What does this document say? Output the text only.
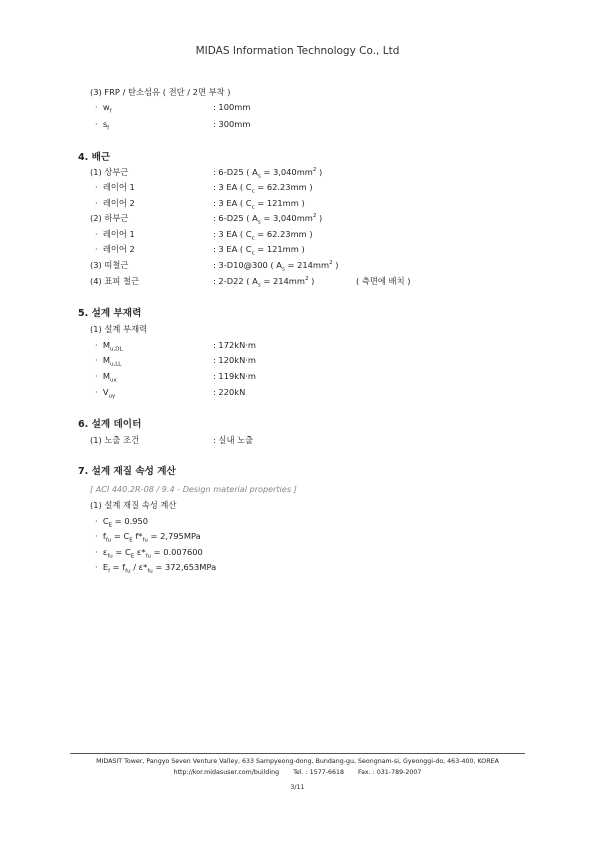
MIDAS Information Technology Co., Ltd
(3) FRP / 탄소섬유 ( 전단 / 2면 부착 )
· $w_f$	: 100mm
· $s_f$	: 300mm
4. 배근
(1) 상부근	: 6-D25 ( $A_s = 3,040mm^2$ )
· 레이어 1	: 3 EA ( $C_c = 62.23mm$ )
· 레이어 2	: 3 EA ( $C_c = 121mm$ )
(2) 하부근	: 6-D25 ( $A_s = 3,040mm^2$ )
· 레이어 1	: 3 EA ( $C_c = 62.23mm$ )
· 레이어 2	: 3 EA ( $C_c = 121mm$ )
(3) 띠철근	: 3-D10@300 ( $A_s = 214mm^2$ )
(4) 표피 철근	: 2-D22 ( $A_s = 214mm^2$ )	( 측면에 배치 )
5. 설계 부재력
(1) 설계 부재력
· $M_{u,DL}$	: 172kN·m
· $M_{u,LL}$	: 120kN·m
· $M_{ux}$	: 119kN·m
· $V_{uy}$	: 220kN
6. 설계 데이터
(1) 노출 조건	: 실내 노출
7. 설계 재질 속성 계산
[ ACI 440.2R-08 / 9.4 - Design material properties ]
(1) 설계 재질 속성 계산
· $C_E = 0.950$
· $f_{fu} = C_E$ $f*_{fu} = 2,795MPa$
· $\varepsilon_{fu} = C_E$ $\varepsilon*_{fu} = 0.007600$
· $E_f = f_{fu} / \varepsilon*_{fu} = 372,653MPa$
MIDASIT Tower, Pangyo Seven Venture Valley, 633 Sampyeong-dong, Bundang-gu, Seongnam-si, Gyeonggi-do, 463-400, KOREA
http://kor.midasuser.com/building Tel. : 1577-6618 Fax. : 031-789-2007
3/11
